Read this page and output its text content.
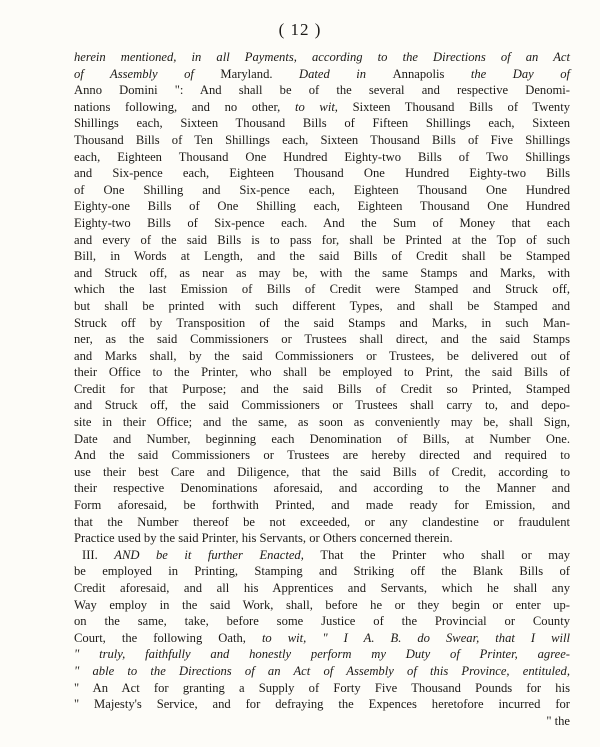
( 12 )
herein mentioned, in all Payments, according to the Directions of an Act
of Assembly of Maryland. Dated in Annapolis the Day of
Anno Domini ": And shall be of the several and respective Denomi-
nations following, and no other, to wit, Sixteen Thousand Bills of Twenty
Shillings each, Sixteen Thousand Bills of Fifteen Shillings each, Sixteen
Thousand Bills of Ten Shillings each, Sixteen Thousand Bills of Five Shillings
each, Eighteen Thousand One Hundred Eighty-two Bills of Two Shillings
and Six-pence each, Eighteen Thousand One Hundred Eighty-two Bills
of One Shilling and Six-pence each, Eighteen Thousand One Hundred
Eighty-one Bills of One Shilling each, Eighteen Thousand One Hundred
Eighty-two Bills of Six-pence each. And the Sum of Money that each
and every of the said Bills is to pass for, shall be Printed at the Top of such
Bill, in Words at Length, and the said Bills of Credit shall be Stamped
and Struck off, as near as may be, with the same Stamps and Marks, with
which the last Emission of Bills of Credit were Stamped and Struck off,
but shall be printed with such different Types, and shall be Stamped and
Struck off by Transposition of the said Stamps and Marks, in such Man-
ner, as the said Commissioners or Trustees shall direct, and the said Stamps
and Marks shall, by the said Commissioners or Trustees, be delivered out of
their Office to the Printer, who shall be employed to Print, the said Bills of
Credit for that Purpose; and the said Bills of Credit so Printed, Stamped
and Struck off, the said Commissioners or Trustees shall carry to, and depo-
site in their Office; and the same, as soon as conveniently may be, shall Sign,
Date and Number, beginning each Denomination of Bills, at Number One.
And the said Commissioners or Trustees are hereby directed and required to
use their best Care and Diligence, that the said Bills of Credit, according to
their respective Denominations aforesaid, and according to the Manner and
Form aforesaid, be forthwith Printed, and made ready for Emission, and
that the Number thereof be not exceeded, or any clandestine or fraudulent
Practice used by the said Printer, his Servants, or Others concerned therein.
III. AND be it further Enacted, That the Printer who shall or may
be employed in Printing, Stamping and Striking off the Blank Bills of
Credit aforesaid, and all his Apprentices and Servants, which he shall any
Way employ in the said Work, shall, before he or they begin or enter up-
on the same, take, before some Justice of the Provincial or County
Court, the following Oath, to wit, " I A. B. do Swear, that I will
" truly, faithfully and honestly perform my Duty of Printer, agree-
" able to the Directions of an Act of Assembly of this Province, entituled,
" An Act for granting a Supply of Forty Five Thousand Pounds for his
" Majesty's Service, and for defraying the Expences heretofore incurred for
" the
